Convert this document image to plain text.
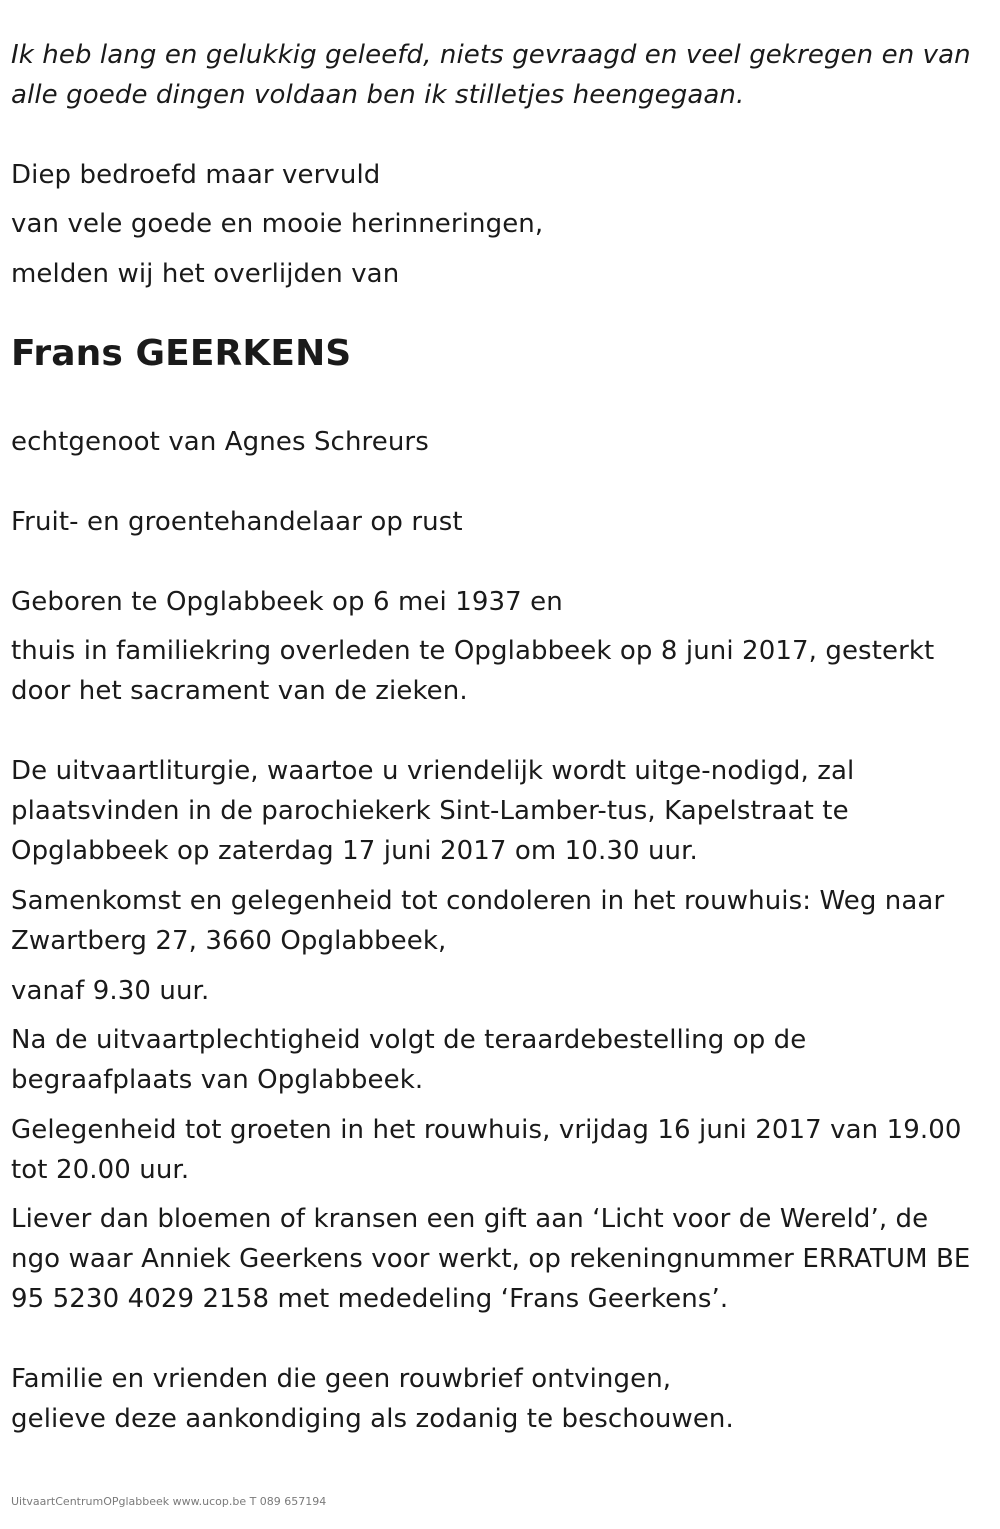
Ik heb lang en gelukkig geleefd, niets gevraagd en veel gekregen en van
alle goede dingen voldaan ben ik stilletjes heengegaan.
Diep bedroefd maar vervuld
van vele goede en mooie herinneringen,
melden wij het overlijden van
Frans GEERKENS
echtgenoot van Agnes Schreurs
Fruit- en groentehandelaar op rust
Geboren te Opglabbeek op 6 mei 1937 en
thuis in familiekring overleden te Opglabbeek op 8 juni 2017, gesterkt
door het sacrament van de zieken.
De uitvaartliturgie, waartoe u vriendelijk wordt uitge-nodigd, zal
plaatsvinden in de parochiekerk Sint-Lamber-tus, Kapelstraat te
Opglabbeek op zaterdag 17 juni 2017 om 10.30 uur.
Samenkomst en gelegenheid tot condoleren in het rouwhuis: Weg naar
Zwartberg 27, 3660 Opglabbeek,
vanaf 9.30 uur.
Na de uitvaartplechtigheid volgt de teraardebestelling op de
begraafplaats van Opglabbeek.
Gelegenheid tot groeten in het rouwhuis, vrijdag 16 juni 2017 van 19.00
tot 20.00 uur.
Liever dan bloemen of kransen een gift aan ‘Licht voor de Wereld’, de
ngo waar Anniek Geerkens voor werkt, op rekeningnummer ERRATUM BE
95 5230 4029 2158 met mededeling ‘Frans Geerkens’.
Familie en vrienden die geen rouwbrief ontvingen,
gelieve deze aankondiging als zodanig te beschouwen.
UitvaartCentrumOPglabbeek www.ucop.be T 089 657194
